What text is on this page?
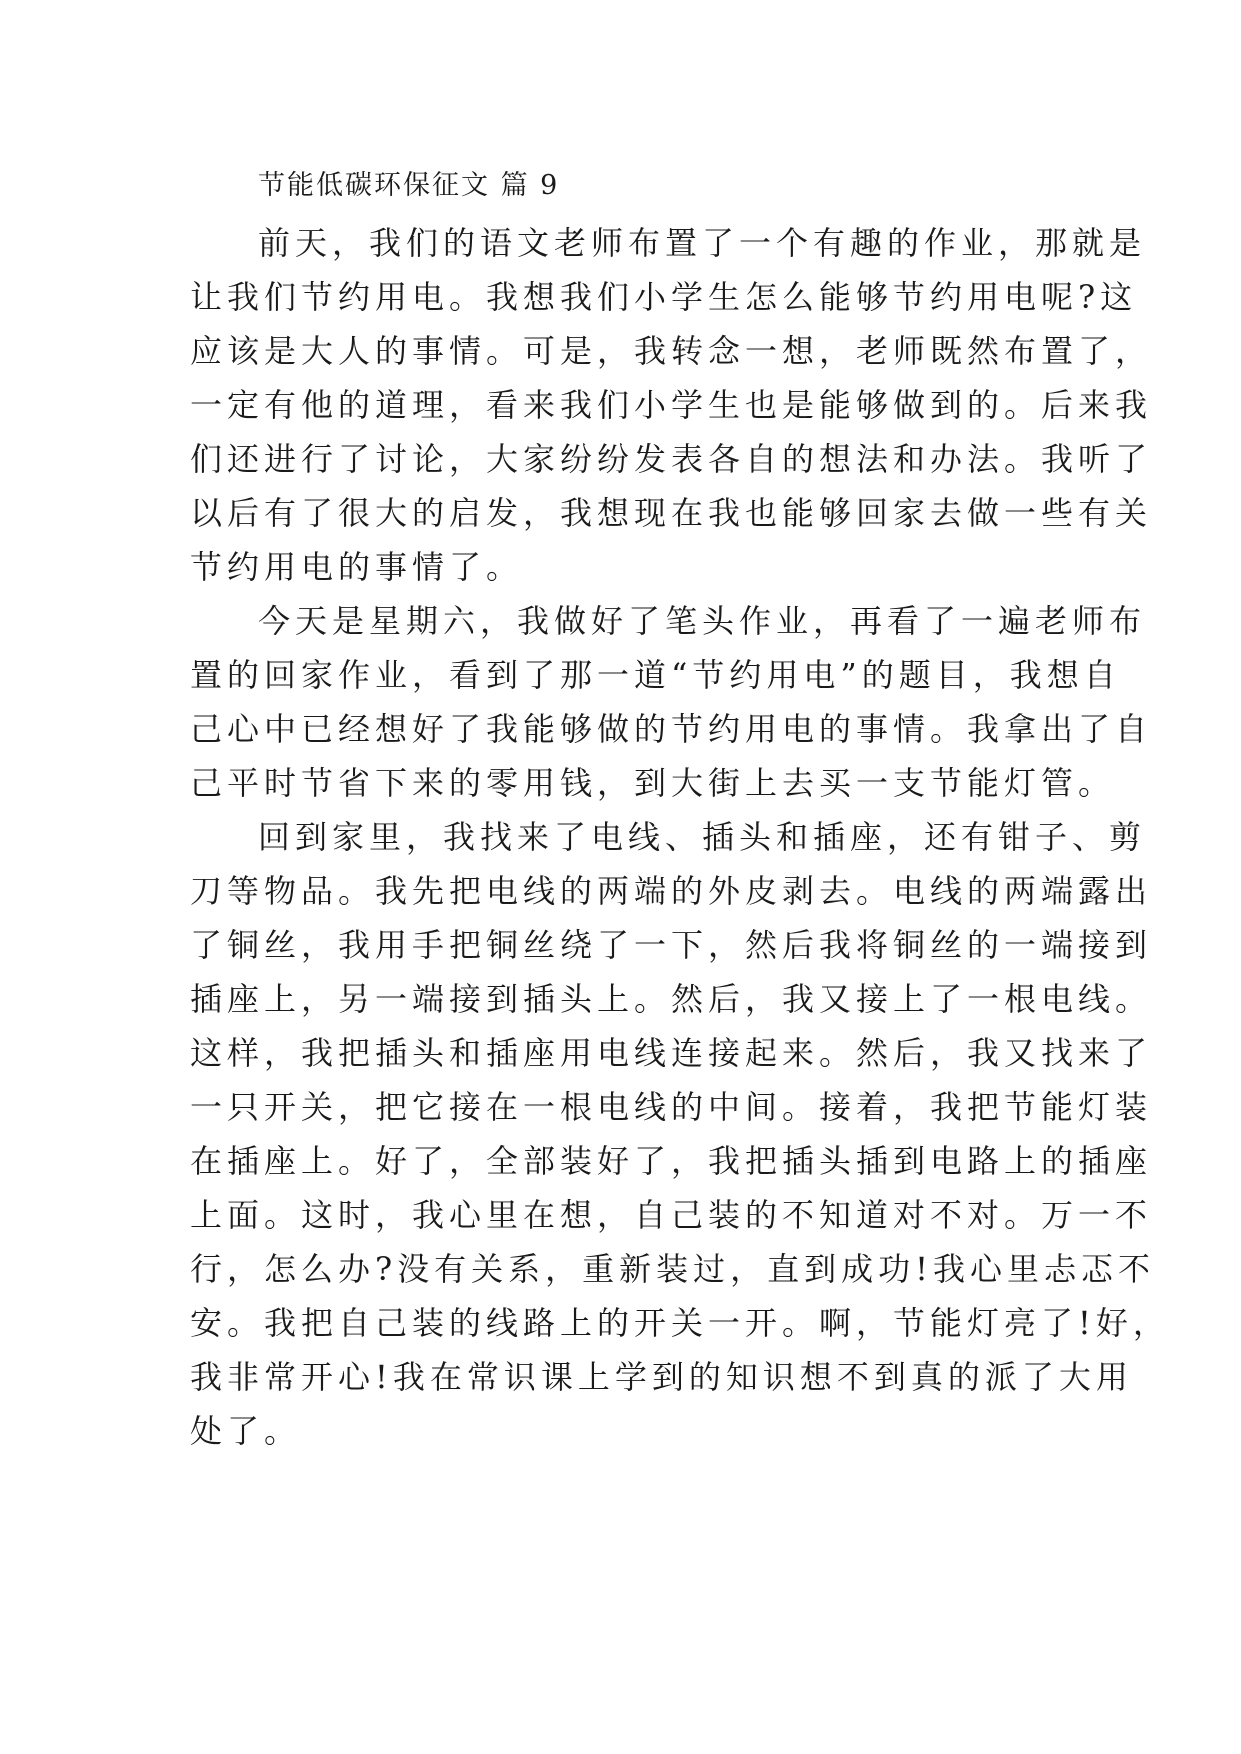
节能低碳环保征文 篇 9
前天，我们的语文老师布置了一个有趣的作业，那就是
让我们节约用电。我想我们小学生怎么能够节约用电呢?这
应该是大人的事情。可是，我转念一想，老师既然布置了，
一定有他的道理，看来我们小学生也是能够做到的。后来我
们还进行了讨论，大家纷纷发表各自的想法和办法。我听了
以后有了很大的启发，我想现在我也能够回家去做一些有关
节约用电的事情了。
今天是星期六，我做好了笔头作业，再看了一遍老师布
置的回家作业，看到了那一道“节约用电”的题目，我想自
己心中已经想好了我能够做的节约用电的事情。我拿出了自
己平时节省下来的零用钱，到大街上去买一支节能灯管。
回到家里，我找来了电线、插头和插座，还有钳子、剪
刀等物品。我先把电线的两端的外皮剥去。电线的两端露出
了铜丝，我用手把铜丝绕了一下，然后我将铜丝的一端接到
插座上，另一端接到插头上。然后，我又接上了一根电线。
这样，我把插头和插座用电线连接起来。然后，我又找来了
一只开关，把它接在一根电线的中间。接着，我把节能灯装
在插座上。好了，全部装好了，我把插头插到电路上的插座
上面。这时，我心里在想，自己装的不知道对不对。万一不
行，怎么办?没有关系，重新装过，直到成功!我心里忐忑不
安。我把自己装的线路上的开关一开。啊，节能灯亮了!好，
我非常开心!我在常识课上学到的知识想不到真的派了大用
处了。
